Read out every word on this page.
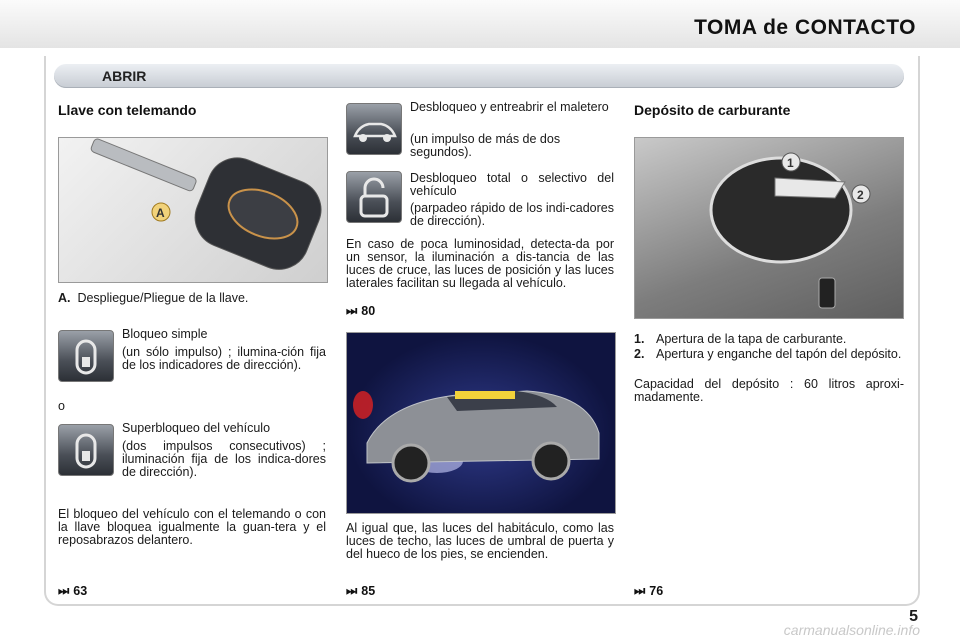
TOMA de CONTACTO
ABRIR
Llave con telemando
A
A. Despliegue/Pliegue de la llave.
Bloqueo simple
(un sólo impulso) ; ilumina-ción fija de los indicadores de dirección).
o
Superbloqueo del vehículo
(dos impulsos consecutivos) ; iluminación fija de los indica-dores de dirección).
El bloqueo del vehículo con el telemando o con la llave bloquea igualmente la guan-tera y el reposabrazos delantero.
⏭ 63
Desbloqueo y entreabrir el maletero
(un impulso de más de dos segundos).
Desbloqueo total o selectivo del vehículo
(parpadeo rápido de los indi-cadores de dirección).
En caso de poca luminosidad, detecta-da por un sensor, la iluminación a dis-tancia de las luces de cruce, las luces de posición y las luces laterales facilitan su llegada al vehículo.
⏭ 80
Al igual que, las luces del habitáculo, como las luces de techo, las luces de umbral de puerta y del hueco de los pies, se encienden.
⏭ 85
Depósito de carburante
1
2
1. Apertura de la tapa de carburante.
2. Apertura y enganche del tapón del depósito.
Capacidad del depósito : 60 litros aproxi-madamente.
⏭ 76
5
carmanualsonline.info
